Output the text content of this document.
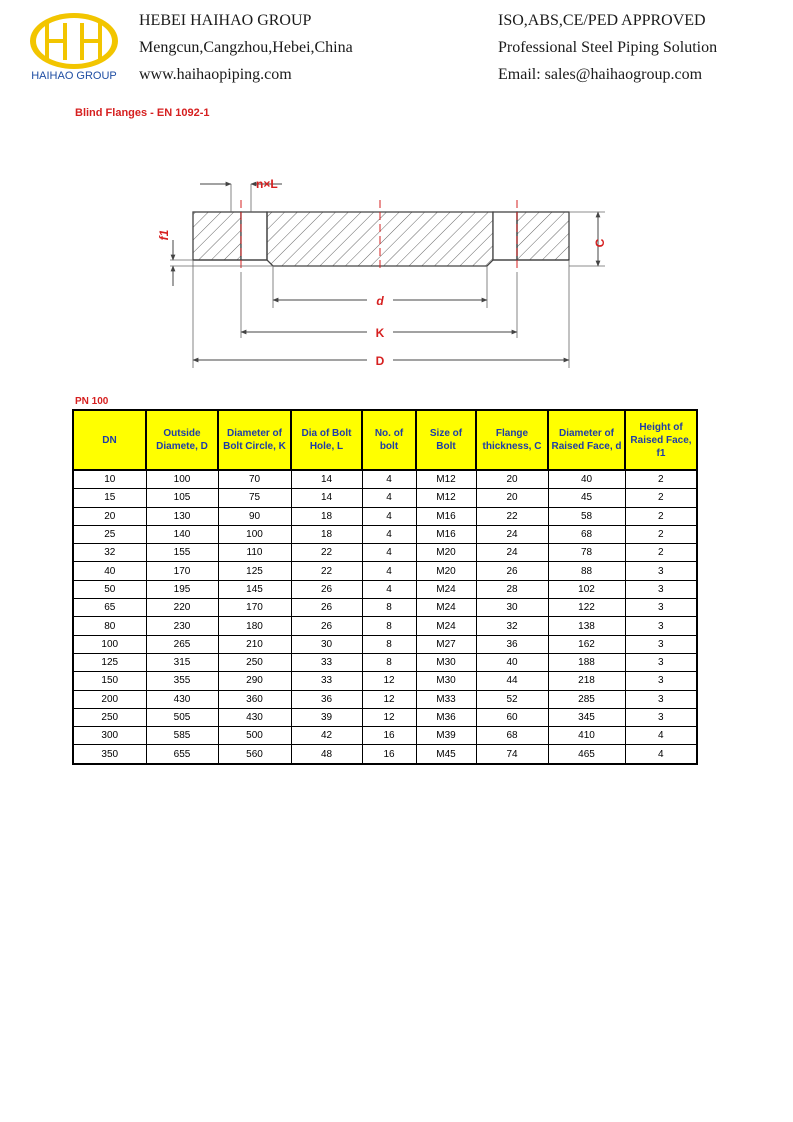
HAIHAO GROUP
HEBEI HAIHAO GROUP
Mengcun,Cangzhou,Hebei,China
www.haihaopiping.com
ISO,ABS,CE/PED APPROVED
Professional Steel Piping Solution
Email: sales@haihaogroup.com
Blind Flanges - EN 1092-1
n×L
d
K
D
C
f1
PN 100
DN	Outside Diamete, D	Diameter of Bolt Circle, K	Dia of Bolt Hole, L	No. of bolt	Size of Bolt	Flange thickness, C	Diameter of Raised Face, d	Height of Raised Face, f1
10	100	70	14	4	M12	20	40	2
15	105	75	14	4	M12	20	45	2
20	130	90	18	4	M16	22	58	2
25	140	100	18	4	M16	24	68	2
32	155	110	22	4	M20	24	78	2
40	170	125	22	4	M20	26	88	3
50	195	145	26	4	M24	28	102	3
65	220	170	26	8	M24	30	122	3
80	230	180	26	8	M24	32	138	3
100	265	210	30	8	M27	36	162	3
125	315	250	33	8	M30	40	188	3
150	355	290	33	12	M30	44	218	3
200	430	360	36	12	M33	52	285	3
250	505	430	39	12	M36	60	345	3
300	585	500	42	16	M39	68	410	4
350	655	560	48	16	M45	74	465	4
